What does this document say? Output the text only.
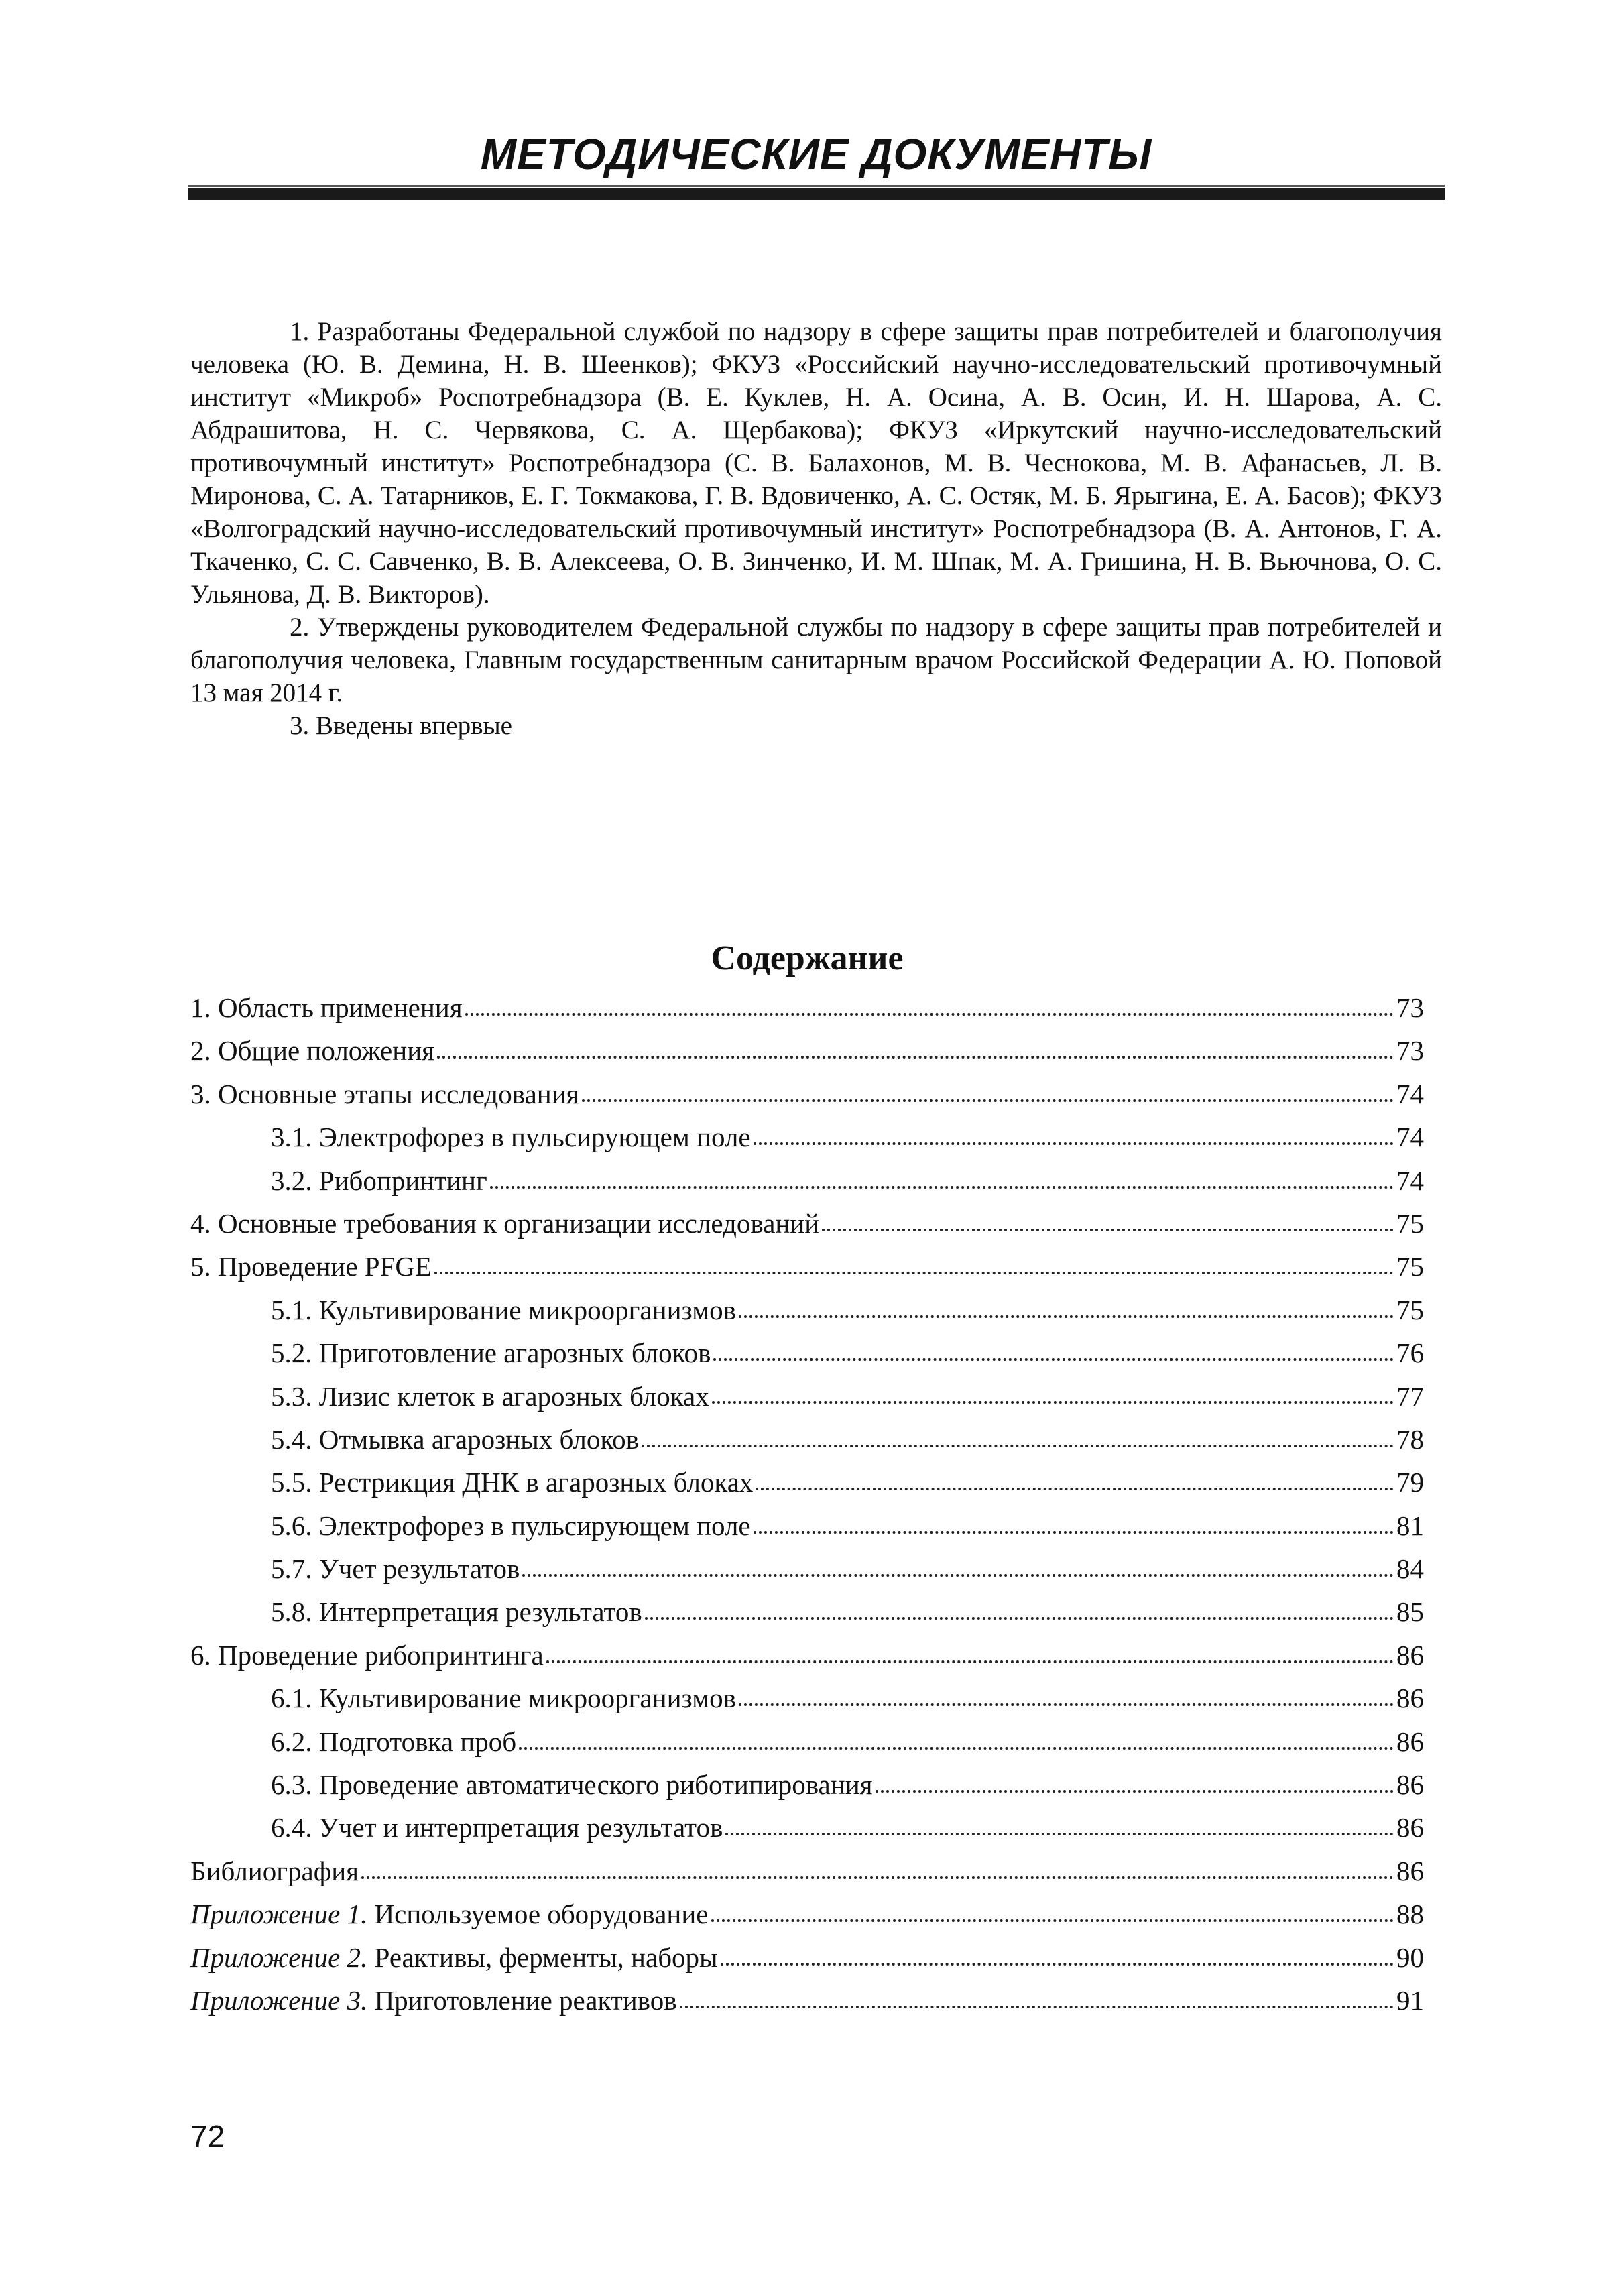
МЕТОДИЧЕСКИЕ ДОКУМЕНТЫ

1. Разработаны Федеральной службой по надзору в сфере защиты прав потребителей и благополучия человека (Ю. В. Демина, Н. В. Шеенков); ФКУЗ «Российский научно-исследовательский противочумный институт «Микроб» Роспотребнадзора (В. Е. Куклев, Н. А. Осина, А. В. Осин, И. Н. Шарова, А. С. Абдрашитова, Н. С. Червякова, С. А. Щербакова); ФКУЗ «Иркутский научно-исследовательский противочумный институт» Роспотребнадзора (С. В. Балахонов, М. В. Чеснокова, М. В. Афанасьев, Л. В. Миронова, С. А. Татарников, Е. Г. Токмакова, Г. В. Вдовиченко, А. С. Остяк, М. Б. Ярыгина, Е. А. Басов); ФКУЗ «Волгоградский научно-исследовательский противочумный институт» Роспотребнадзора (В. А. Антонов, Г. А. Ткаченко, С. С. Савченко, В. В. Алексеева, О. В. Зинченко, И. М. Шпак, М. А. Гришина, Н. В. Вьючнова, О. С. Ульянова, Д. В. Викторов).

2. Утверждены руководителем Федеральной службы по надзору в сфере защиты прав потребителей и благополучия человека, Главным государственным санитарным врачом Российской Федерации А. Ю. Поповой 13 мая 2014 г.

3. Введены впервые

Содержание
1. Область применения	73
2. Общие положения	73
3. Основные этапы исследования	74
3.1. Электрофорез в пульсирующем поле	74
3.2. Рибопринтинг	74
4. Основные требования к организации исследований	75
5. Проведение PFGE	75
5.1. Культивирование микроорганизмов	75
5.2. Приготовление агарозных блоков	76
5.3. Лизис клеток в агарозных блоках	77
5.4. Отмывка агарозных блоков	78
5.5. Рестрикция ДНК в агарозных блоках	79
5.6. Электрофорез в пульсирующем поле	81
5.7. Учет результатов	84
5.8. Интерпретация результатов	85
6. Проведение рибопринтинга	86
6.1. Культивирование микроорганизмов	86
6.2. Подготовка проб	86
6.3. Проведение автоматического риботипирования	86
6.4. Учет и интерпретация результатов	86
Библиография	86
Приложение 1. Используемое оборудование	88
Приложение 2. Реактивы, ферменты, наборы	90
Приложение 3. Приготовление реактивов	91
72
